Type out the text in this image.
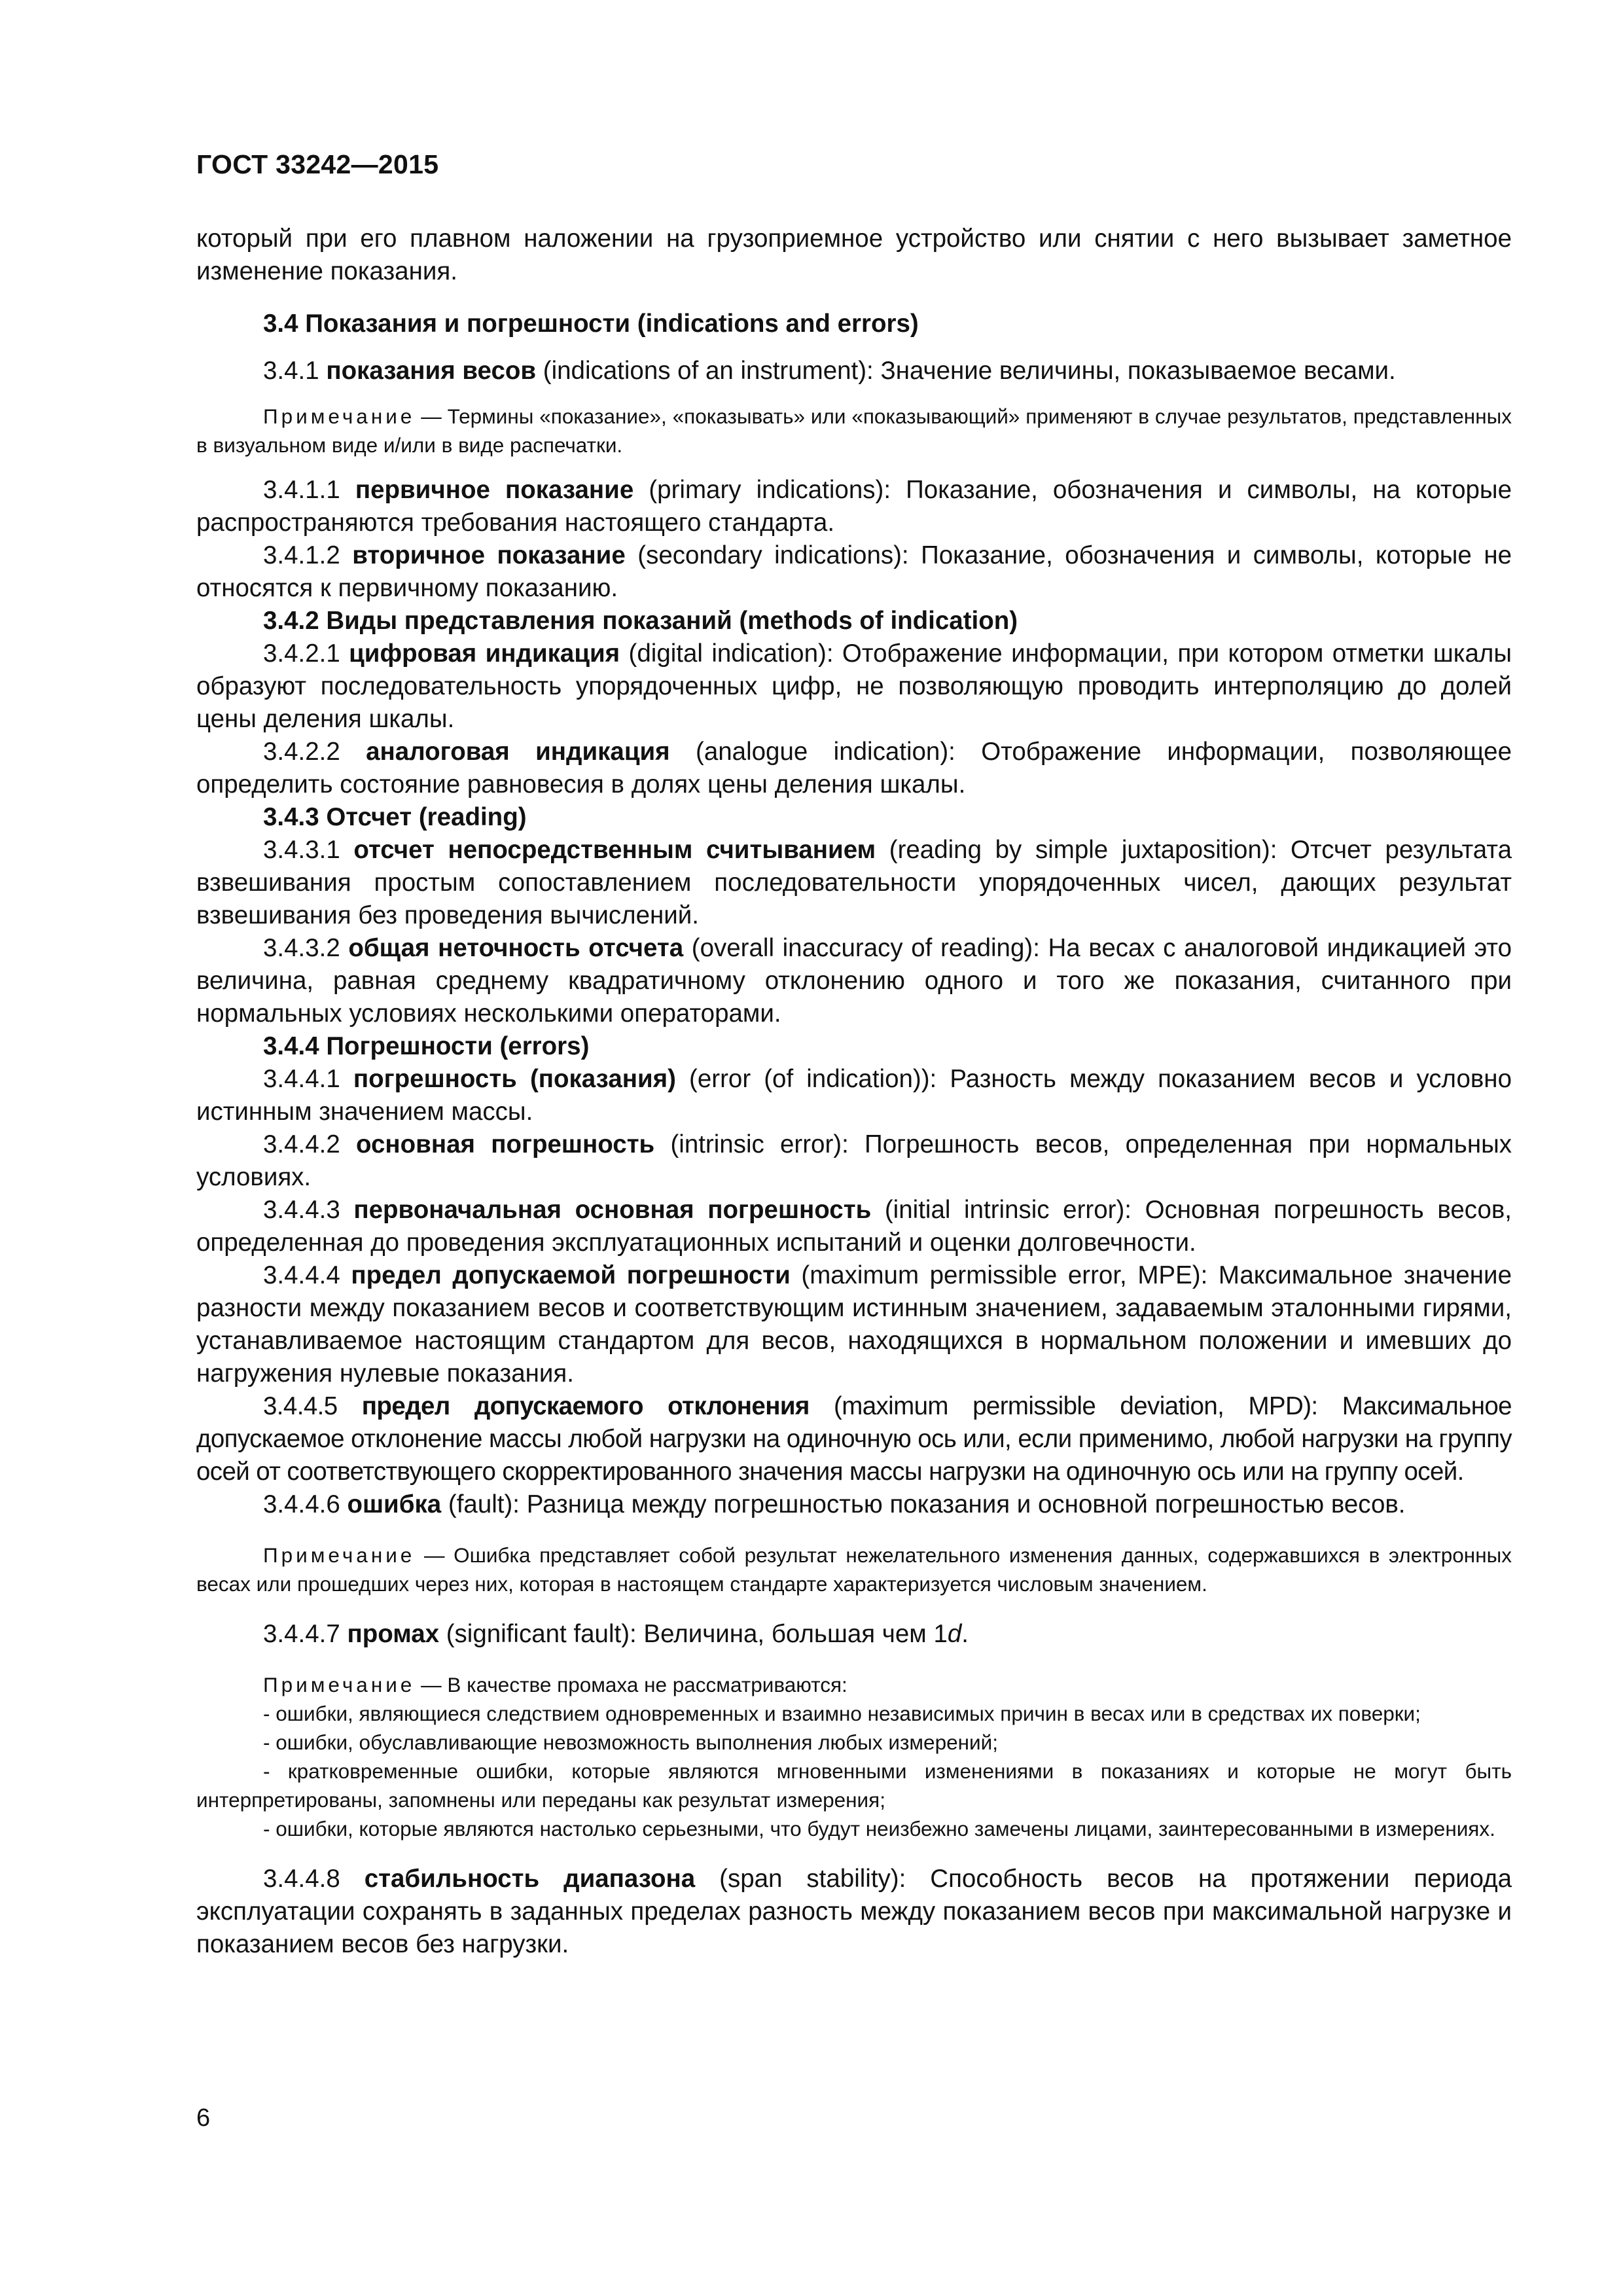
ГОСТ 33242—2015

который при его плавном наложении на грузоприемное устройство или снятии с него вызывает заметное изменение показания.

3.4 Показания и погрешности (indications and errors)

3.4.1 показания весов (indications of an instrument): Значение величины, показываемое весами.

Примечание — Термины «показание», «показывать» или «показывающий» применяют в случае результатов, представленных в визуальном виде и/или в виде распечатки.

3.4.1.1 первичное показание (primary indications): Показание, обозначения и символы, на которые распространяются требования настоящего стандарта.

3.4.1.2 вторичное показание (secondary indications): Показание, обозначения и символы, которые не относятся к первичному показанию.

3.4.2 Виды представления показаний (methods of indication)

3.4.2.1 цифровая индикация (digital indication): Отображение информации, при котором отметки шкалы образуют последовательность упорядоченных цифр, не позволяющую проводить интерполяцию до долей цены деления шкалы.

3.4.2.2 аналоговая индикация (analogue indication): Отображение информации, позволяющее определить состояние равновесия в долях цены деления шкалы.

3.4.3 Отсчет (reading)

3.4.3.1 отсчет непосредственным считыванием (reading by simple juxtaposition): Отсчет результата взвешивания простым сопоставлением последовательности упорядоченных чисел, дающих результат взвешивания без проведения вычислений.

3.4.3.2 общая неточность отсчета (overall inaccuracy of reading): На весах с аналоговой индикацией это величина, равная среднему квадратичному отклонению одного и того же показания, считанного при нормальных условиях несколькими операторами.

3.4.4 Погрешности (errors)

3.4.4.1 погрешность (показания) (error (of indication)): Разность между показанием весов и условно истинным значением массы.

3.4.4.2 основная погрешность (intrinsic error): Погрешность весов, определенная при нормальных условиях.

3.4.4.3 первоначальная основная погрешность (initial intrinsic error): Основная погрешность весов, определенная до проведения эксплуатационных испытаний и оценки долговечности.

3.4.4.4 предел допускаемой погрешности (maximum permissible error, MPE): Максимальное значение разности между показанием весов и соответствующим истинным значением, задаваемым эталонными гирями, устанавливаемое настоящим стандартом для весов, находящихся в нормальном положении и имевших до нагружения нулевые показания.

3.4.4.5 предел допускаемого отклонения (maximum permissible deviation, MPD): Максимальное допускаемое отклонение массы любой нагрузки на одиночную ось или, если применимо, любой нагрузки на группу осей от соответствующего скорректированного значения массы нагрузки на одиночную ось или на группу осей.

3.4.4.6 ошибка (fault): Разница между погрешностью показания и основной погрешностью весов.

Примечание — Ошибка представляет собой результат нежелательного изменения данных, содержавшихся в электронных весах или прошедших через них, которая в настоящем стандарте характеризуется числовым значением.

3.4.4.7 промах (significant fault): Величина, большая чем 1d.

Примечание — В качестве промаха не рассматриваются:

- ошибки, являющиеся следствием одновременных и взаимно независимых причин в весах или в средствах их поверки;

- ошибки, обуславливающие невозможность выполнения любых измерений;

- кратковременные ошибки, которые являются мгновенными изменениями в показаниях и которые не могут быть интерпретированы, запомнены или переданы как результат измерения;

- ошибки, которые являются настолько серьезными, что будут неизбежно замечены лицами, заинтересованными в измерениях.

3.4.4.8 стабильность диапазона (span stability): Способность весов на протяжении периода эксплуатации сохранять в заданных пределах разность между показанием весов при максимальной нагрузке и показанием весов без нагрузки.

6
